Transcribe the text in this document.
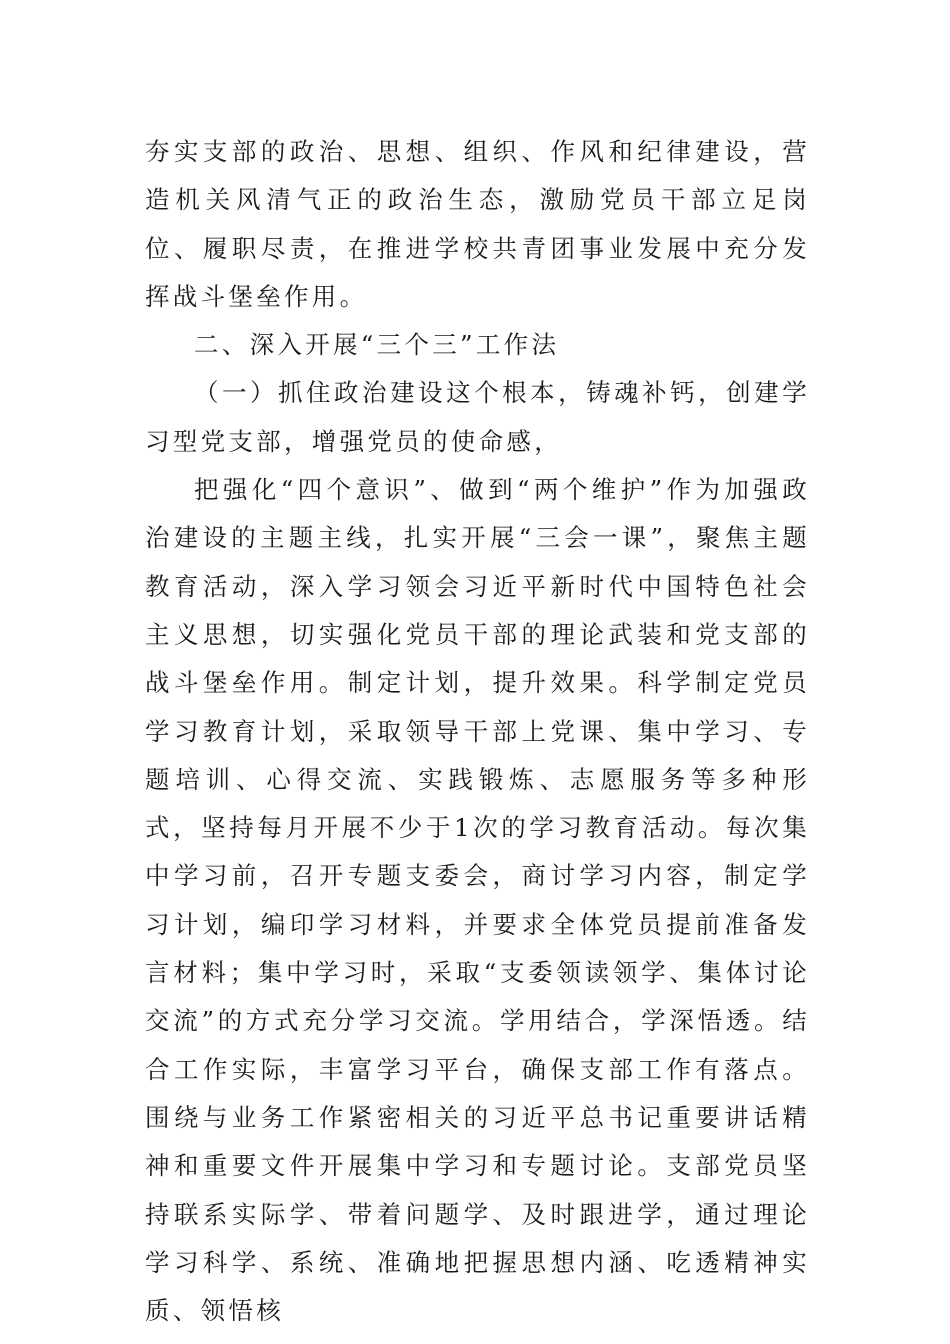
夯实支部的政治、思想、组织、作风和纪律建设，营造机关风清气正的政治生态，激励党员干部立足岗位、履职尽责，在推进学校共青团事业发展中充分发挥战斗堡垒作用。

二、深入开展“三个三”工作法

（一）抓住政治建设这个根本，铸魂补钙，创建学习型党支部，增强党员的使命感，

把强化“四个意识”、做到“两个维护”作为加强政治建设的主题主线，扎实开展“三会一课”，聚焦主题教育活动，深入学习领会习近平新时代中国特色社会主义思想，切实强化党员干部的理论武装和党支部的战斗堡垒作用。制定计划，提升效果。科学制定党员学习教育计划，采取领导干部上党课、集中学习、专题培训、心得交流、实践锻炼、志愿服务等多种形式，坚持每月开展不少于1次的学习教育活动。每次集中学习前，召开专题支委会，商讨学习内容，制定学习计划，编印学习材料，并要求全体党员提前准备发言材料；集中学习时，采取“支委领读领学、集体讨论交流”的方式充分学习交流。学用结合，学深悟透。结合工作实际，丰富学习平台，确保支部工作有落点。围绕与业务工作紧密相关的习近平总书记重要讲话精神和重要文件开展集中学习和专题讨论。支部党员坚持联系实际学、带着问题学、及时跟进学，通过理论学习科学、系统、准确地把握思想内涵、吃透精神实质、领悟核
